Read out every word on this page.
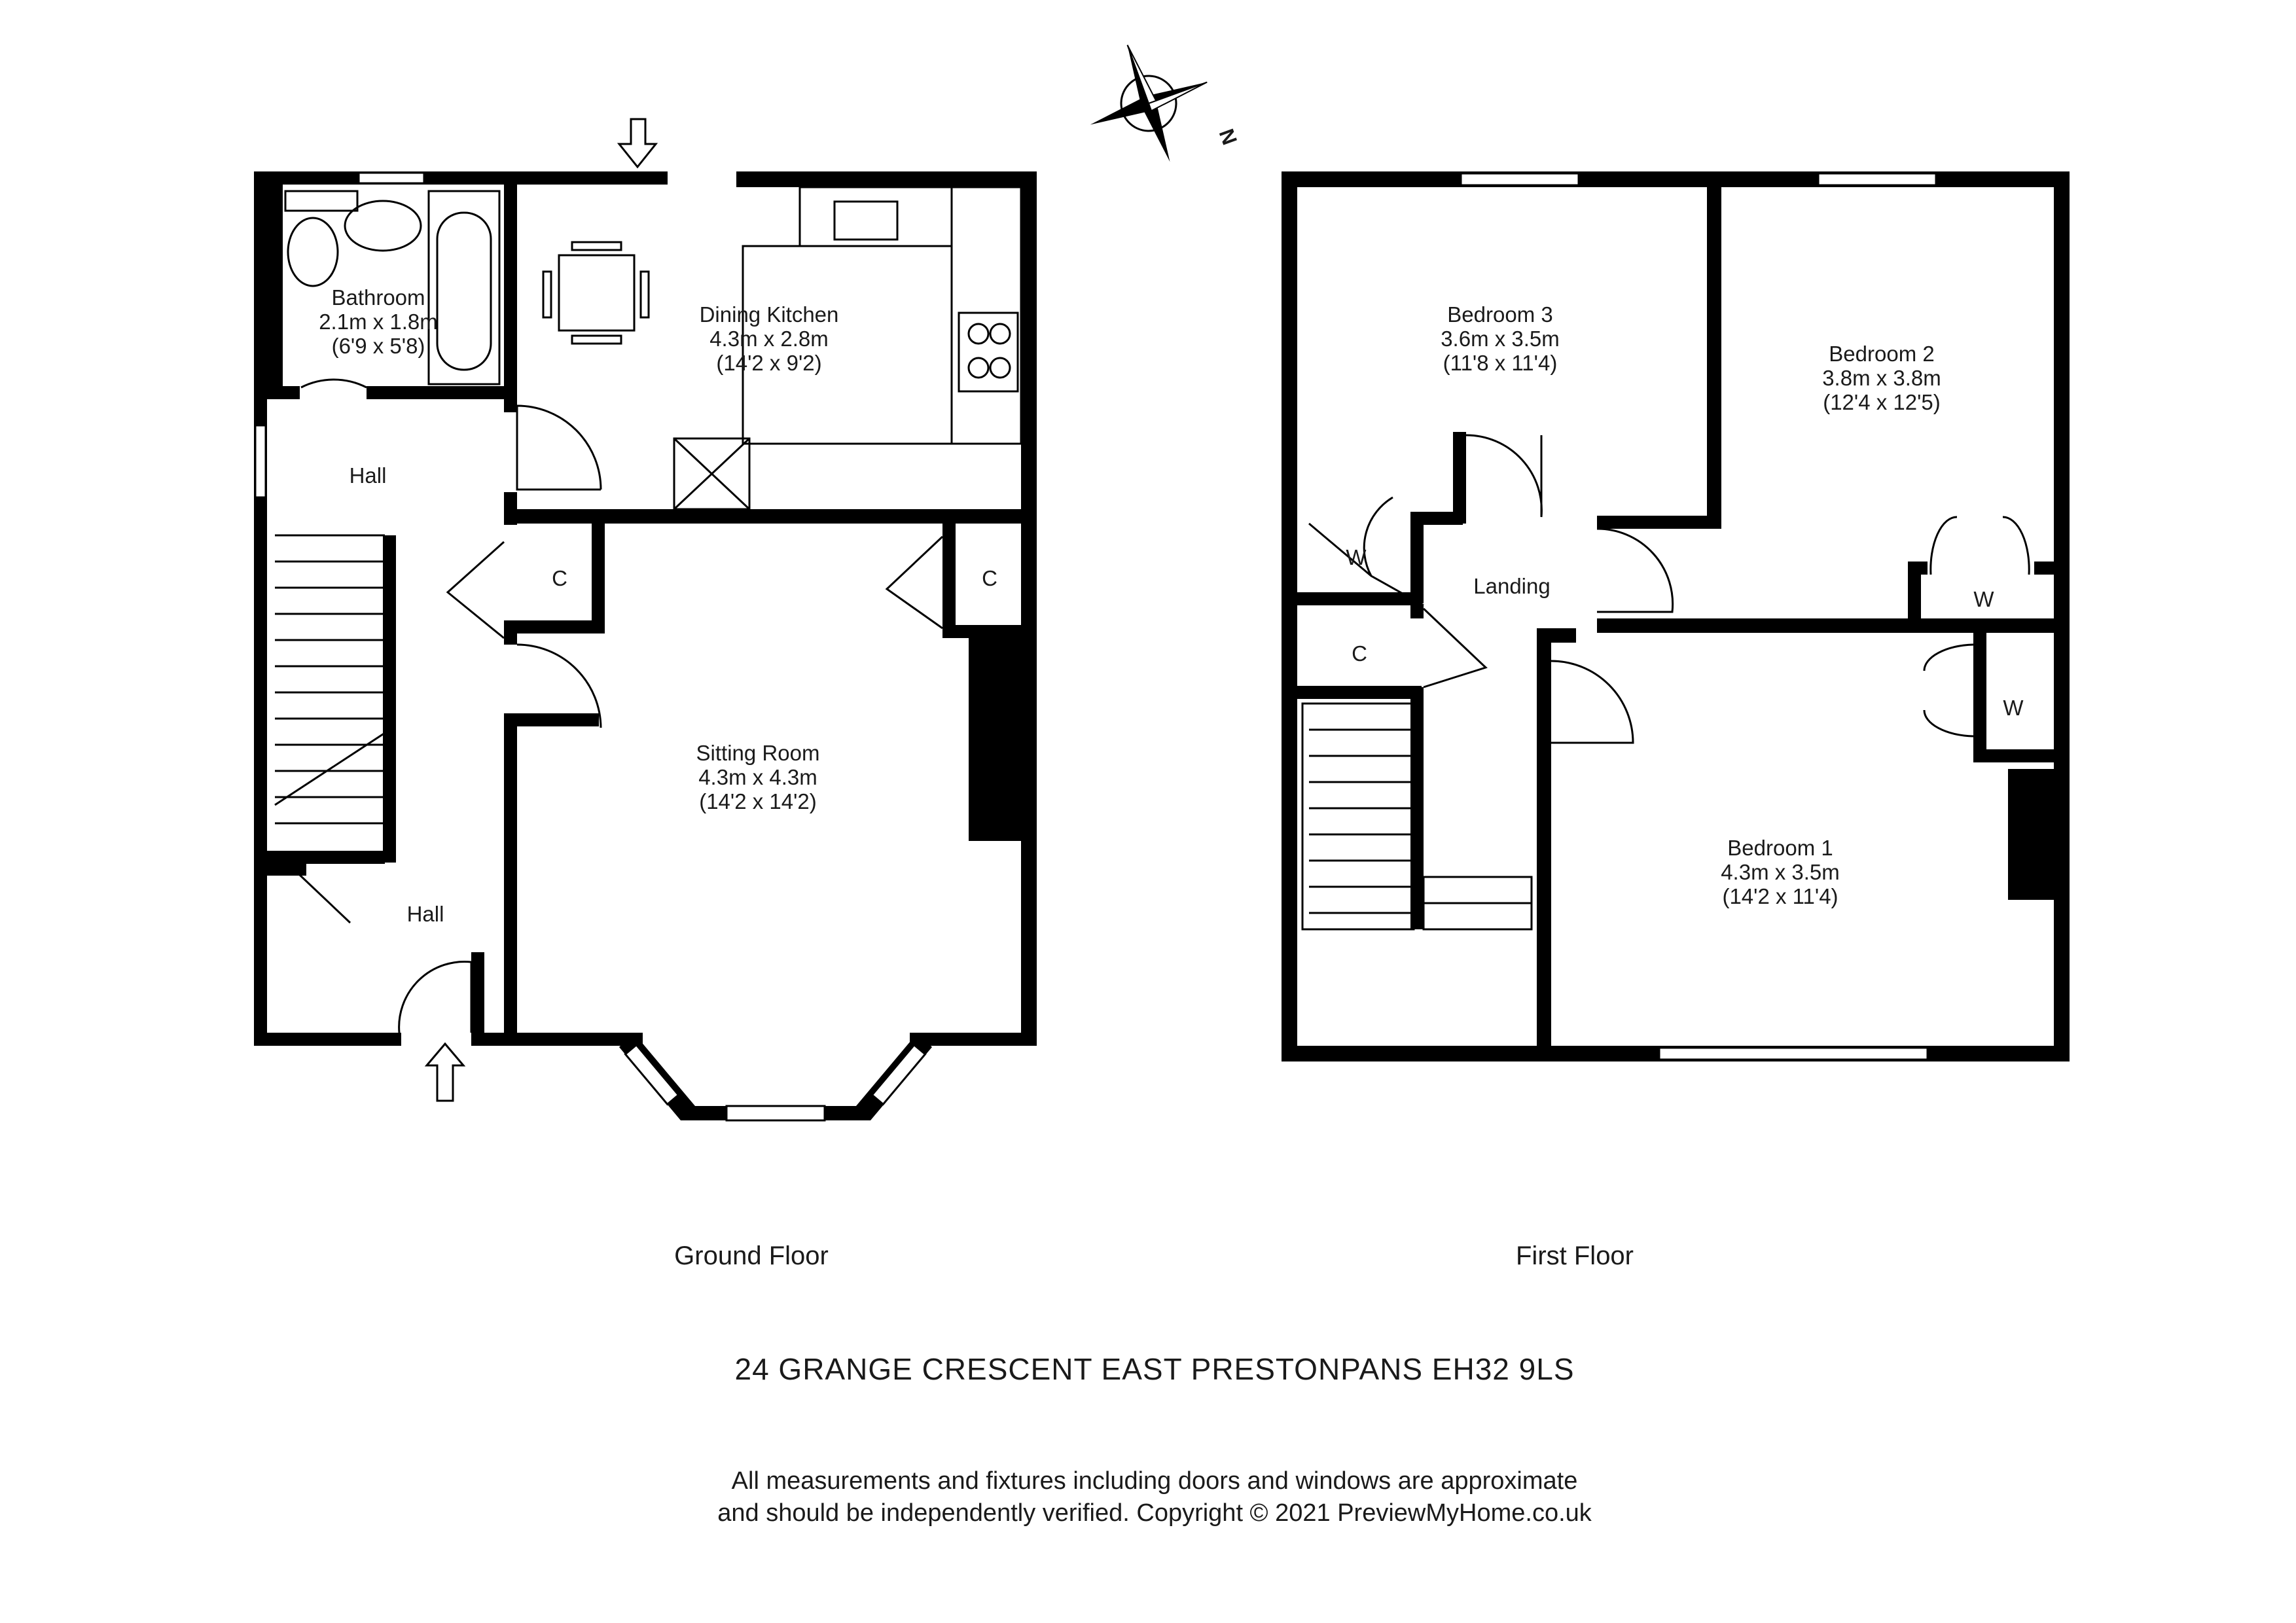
N
Bathroom
2.1m x 1.8m
(6'9 x 5'8)
Dining Kitchen
4.3m x 2.8m
(14'2 x 9'2)
Sitting Room
4.3m x 4.3m
(14'2 x 14'2)
Hall
Hall
C	C
Bedroom 3
3.6m x 3.5m
(11'8 x 11'4)	Bedroom 2
3.8m x 3.8m
(12'4 x 12'5)
Bedroom 1
4.3m x 3.5m
(14'2 x 11'4)
Landing
W
W
W
C
Ground Floor	First Floor
24 GRANGE CRESCENT EAST PRESTONPANS EH32 9LS
All measurements and fixtures including doors and windows are approximate
and should be independently verified. Copyright © 2021 PreviewMyHome.co.uk
